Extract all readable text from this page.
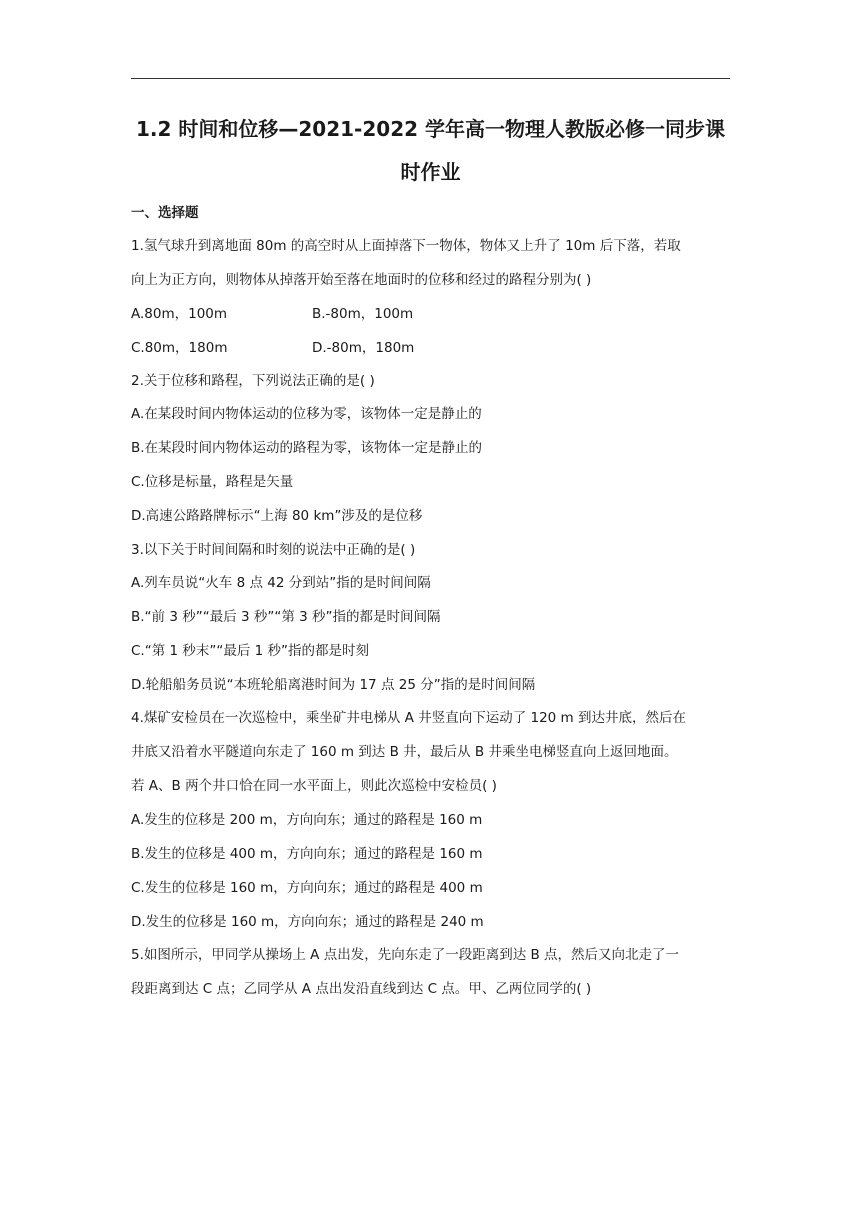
1.2 时间和位移—2021-2022 学年高一物理人教版必修一同步课
时作业
一、选择题
1.氢气球升到离地面 80m 的高空时从上面掉落下一物体，物体又上升了 10m 后下落，若取
向上为正方向，则物体从掉落开始至落在地面时的位移和经过的路程分别为( )
A.80m，100m	B.-80m，100m
C.80m，180m	D.-80m，180m
2.关于位移和路程，下列说法正确的是( )
A.在某段时间内物体运动的位移为零，该物体一定是静止的
B.在某段时间内物体运动的路程为零，该物体一定是静止的
C.位移是标量，路程是矢量
D.高速公路路牌标示“上海 80 km”涉及的是位移
3.以下关于时间间隔和时刻的说法中正确的是( )
A.列车员说“火车 8 点 42 分到站”指的是时间间隔
B.“前 3 秒”“最后 3 秒”“第 3 秒”指的都是时间间隔
C.“第 1 秒末”“最后 1 秒”指的都是时刻
D.轮船船务员说“本班轮船离港时间为 17 点 25 分”指的是时间间隔
4.煤矿安检员在一次巡检中，乘坐矿井电梯从 A 井竖直向下运动了 120 m 到达井底，然后在
井底又沿着水平隧道向东走了 160 m 到达 B 井，最后从 B 井乘坐电梯竖直向上返回地面。
若 A、B 两个井口恰在同一水平面上，则此次巡检中安检员( )
A.发生的位移是 200 m，方向向东；通过的路程是 160 m
B.发生的位移是 400 m，方向向东；通过的路程是 160 m
C.发生的位移是 160 m，方向向东；通过的路程是 400 m
D.发生的位移是 160 m，方向向东；通过的路程是 240 m
5.如图所示，甲同学从操场上 A 点出发，先向东走了一段距离到达 B 点，然后又向北走了一
段距离到达 C 点；乙同学从 A 点出发沿直线到达 C 点。甲、乙两位同学的( )
